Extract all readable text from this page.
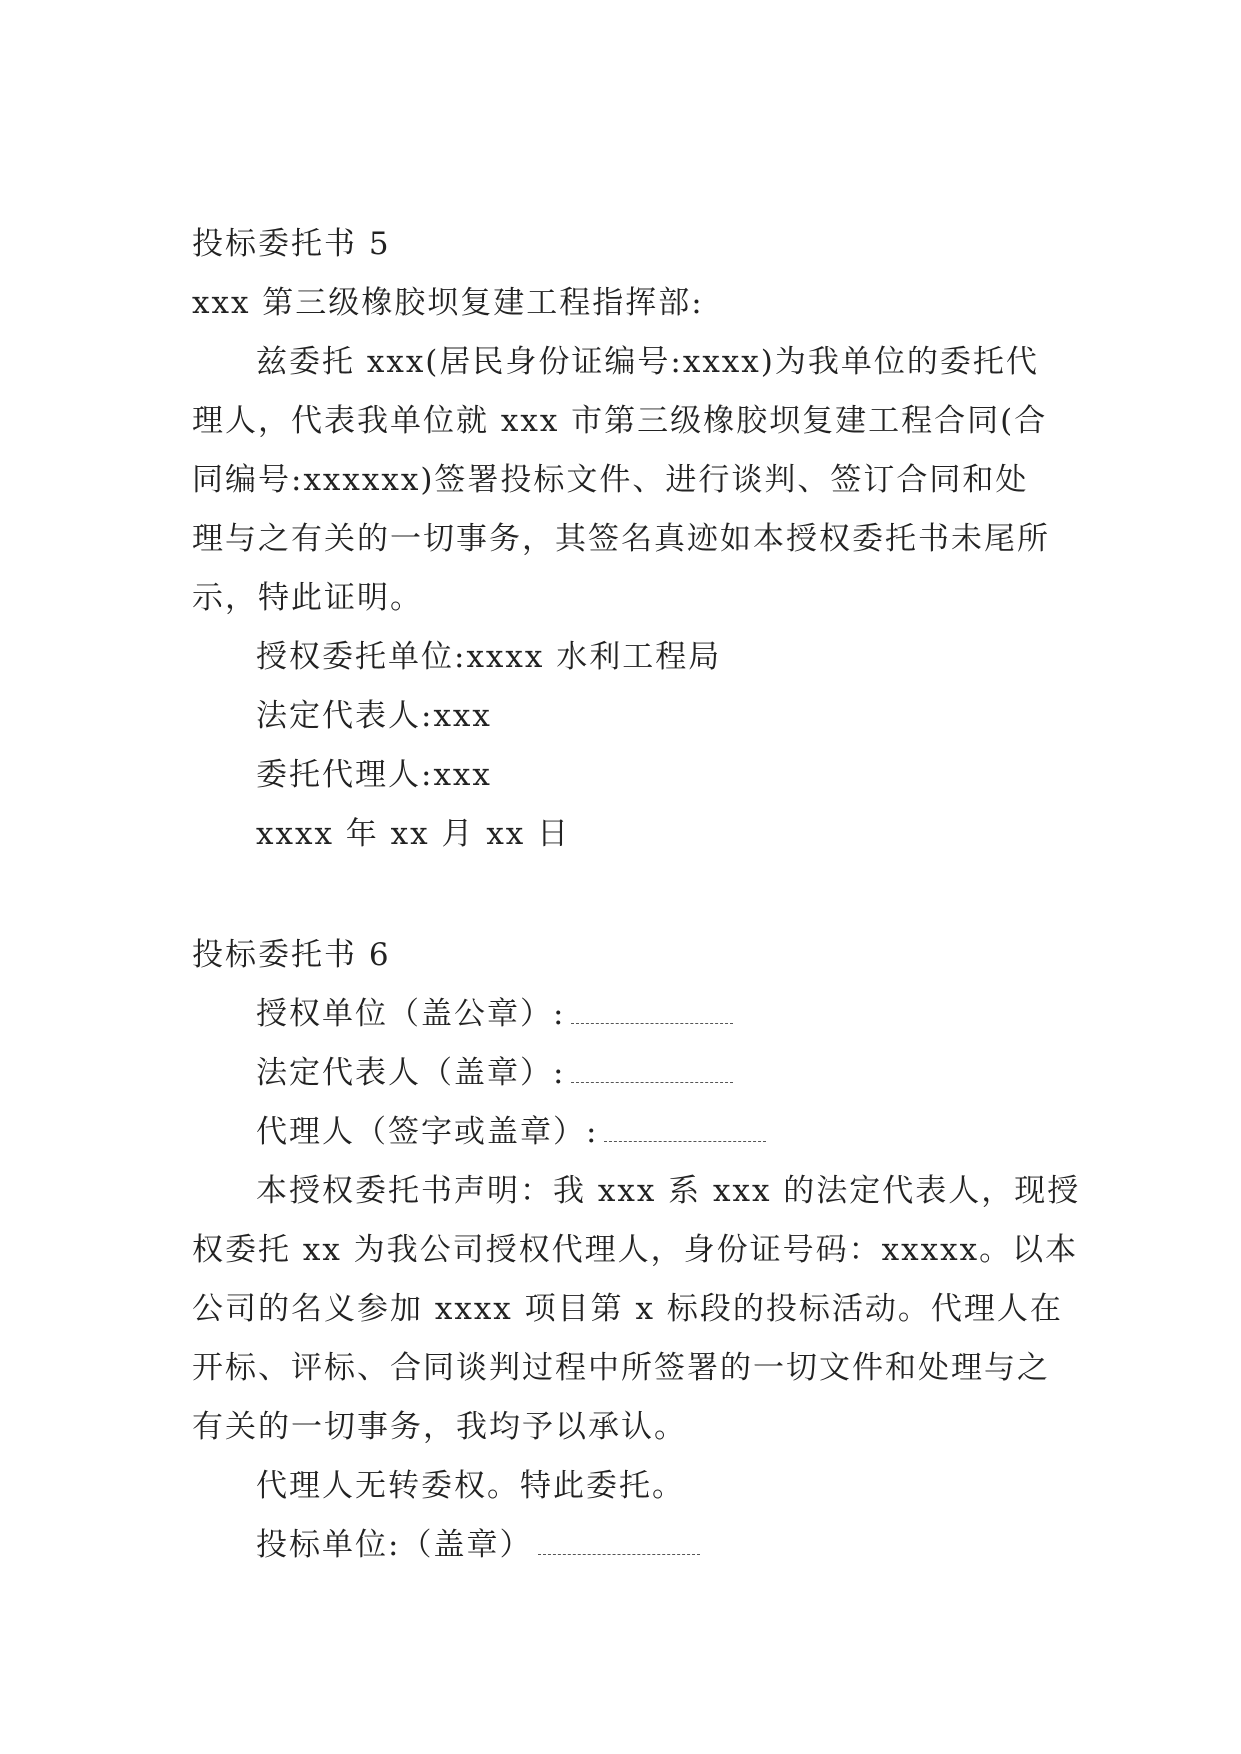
投标委托书 5
xxx 第三级橡胶坝复建工程指挥部:
兹委托 xxx(居民身份证编号:xxxx)为我单位的委托代
理人，代表我单位就 xxx 市第三级橡胶坝复建工程合同(合
同编号:xxxxxx)签署投标文件、进行谈判、签订合同和处
理与之有关的一切事务，其签名真迹如本授权委托书未尾所
示，特此证明。
授权委托单位:xxxx 水利工程局
法定代表人:xxx
委托代理人:xxx
xxxx 年 xx 月 xx 日
投标委托书 6
授权单位（盖公章）:
法定代表人（盖章）:
代理人（签字或盖章）:
本授权委托书声明：我 xxx 系 xxx 的法定代表人，现授
权委托 xx 为我公司授权代理人，身份证号码：xxxxx。以本
公司的名义参加 xxxx 项目第 x 标段的投标活动。代理人在
开标、评标、合同谈判过程中所签署的一切文件和处理与之
有关的一切事务，我均予以承认。
代理人无转委权。特此委托。
投标单位:（盖章）
